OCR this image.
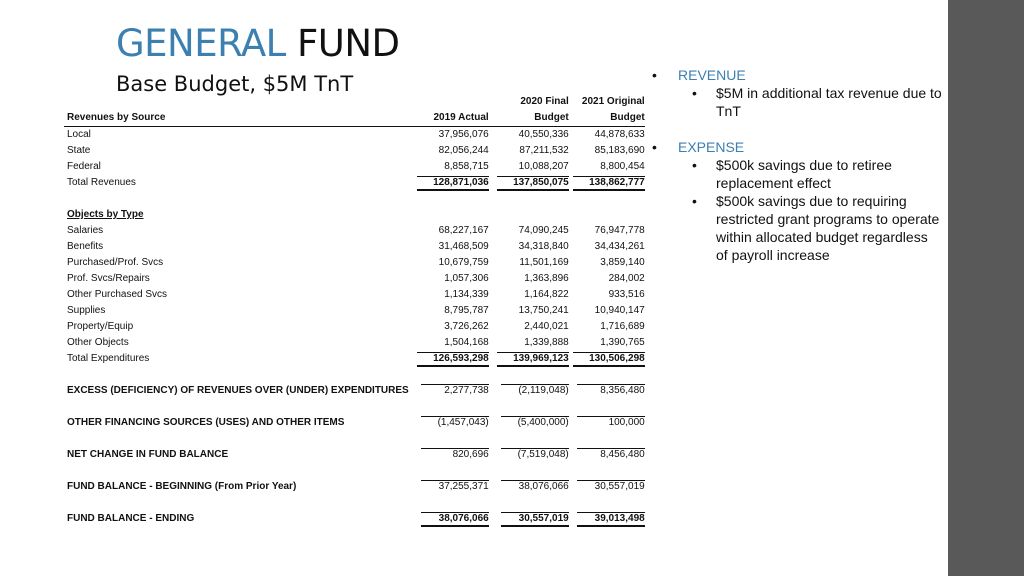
GENERAL FUND
Base Budget, $5M TnT
		2020 Final	2021 Original
Revenues by Source	2019 Actual	Budget	Budget
Local	37,956,076	40,550,336	44,878,633
State	82,056,244	87,211,532	85,183,690
Federal	8,858,715	10,088,207	8,800,454
Total Revenues	128,871,036	137,850,075	138,862,777

Objects by Type			
Salaries	68,227,167	74,090,245	76,947,778
Benefits	31,468,509	34,318,840	34,434,261
Purchased/Prof. Svcs	10,679,759	11,501,169	3,859,140
Prof. Svcs/Repairs	1,057,306	1,363,896	284,002
Other Purchased Svcs	1,134,339	1,164,822	933,516
Supplies	8,795,787	13,750,241	10,940,147
Property/Equip	3,726,262	2,440,021	1,716,689
Other Objects	1,504,168	1,339,888	1,390,765
Total Expenditures	126,593,298	139,969,123	130,506,298

EXCESS (DEFICIENCY) OF REVENUES OVER (UNDER) EXPENDITURES	2,277,738	(2,119,048)	8,356,480

OTHER FINANCING SOURCES (USES) AND OTHER ITEMS	(1,457,043)	(5,400,000)	100,000

NET CHANGE IN FUND BALANCE	820,696	(7,519,048)	8,456,480

FUND BALANCE - BEGINNING (From Prior Year)	37,255,371	38,076,066	30,557,019

FUND BALANCE - ENDING	38,076,066	30,557,019	39,013,498
• REVENUE
• $5M in additional tax revenue due to TnT
• EXPENSE
• $500k savings due to retiree replacement effect
• $500k savings due to requiring restricted grant programs to operate within allocated budget regardless of payroll increase
